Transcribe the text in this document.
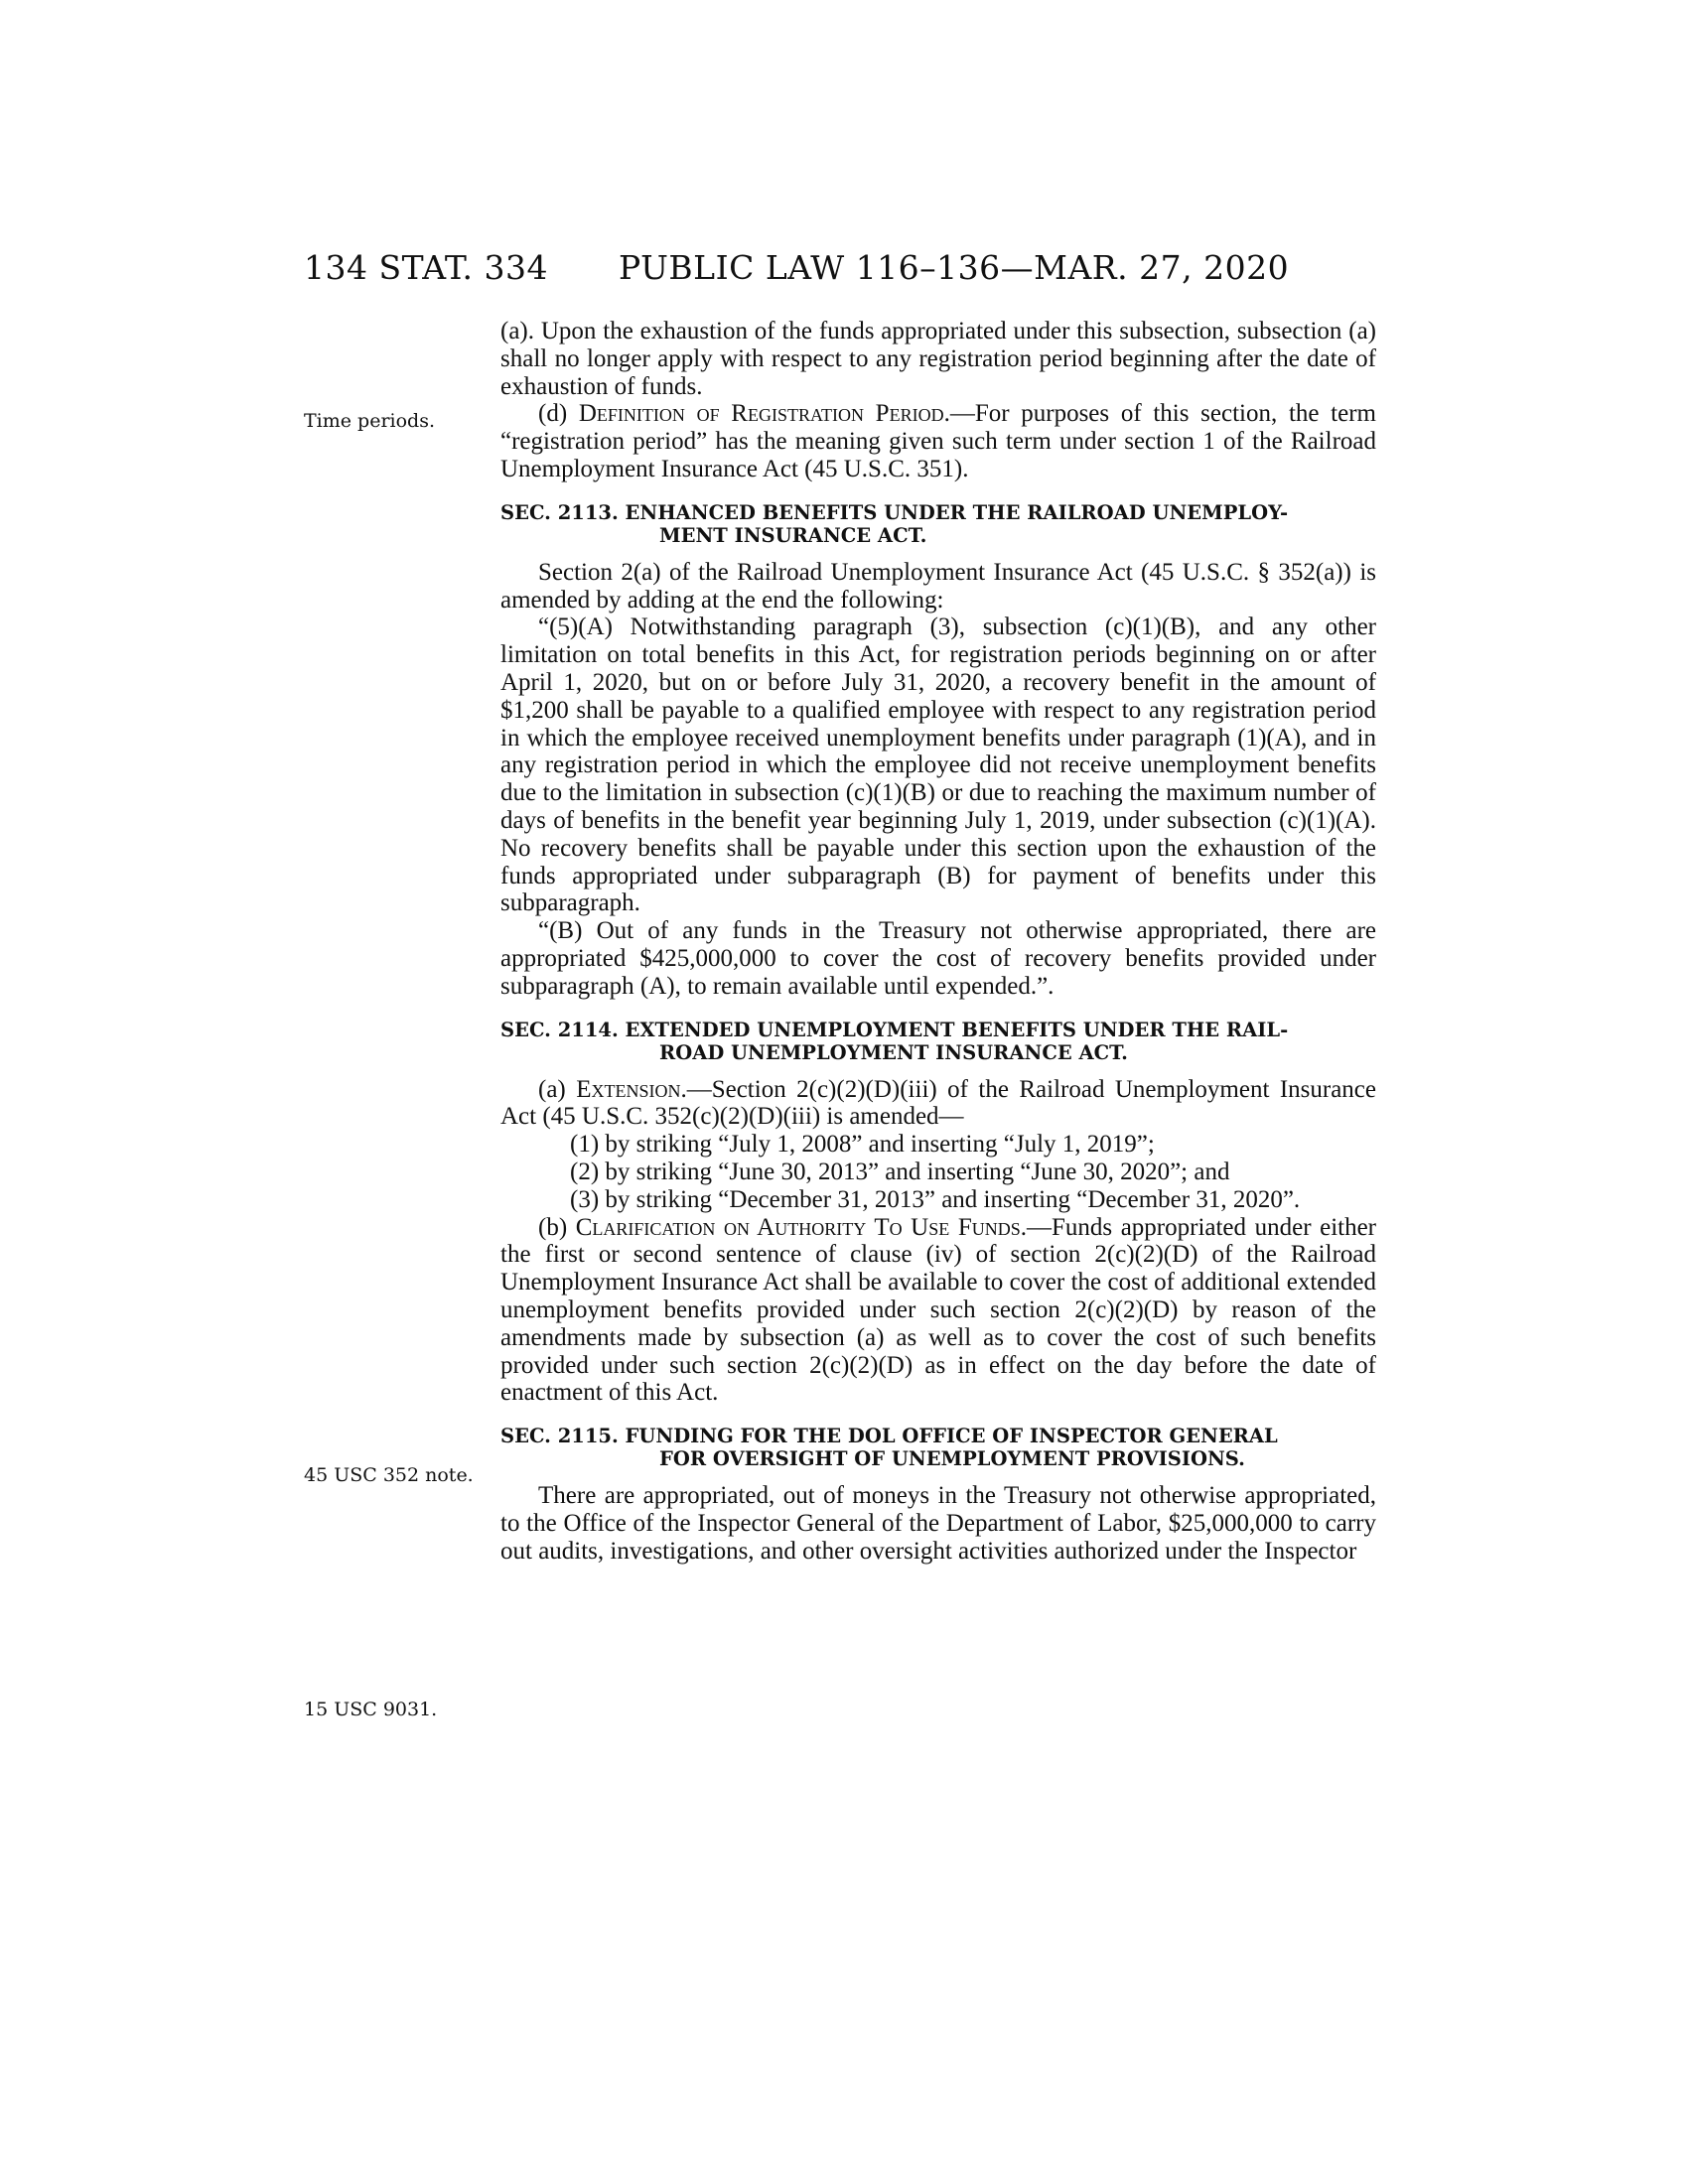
134 STAT. 334 PUBLIC LAW 116–136—MAR. 27, 2020
Time periods.
45 USC 352 note.
15 USC 9031.

(a). Upon the exhaustion of the funds appropriated under this subsection, subsection (a) shall no longer apply with respect to any registration period beginning after the date of exhaustion of funds.

(d) Definition of Registration Period.—For purposes of this section, the term “registration period” has the meaning given such term under section 1 of the Railroad Unemployment Insurance Act (45 U.S.C. 351).

SEC. 2113. ENHANCED BENEFITS UNDER THE RAILROAD UNEMPLOY-
MENT INSURANCE ACT.

Section 2(a) of the Railroad Unemployment Insurance Act (45 U.S.C. § 352(a)) is amended by adding at the end the following:

“(5)(A) Notwithstanding paragraph (3), subsection (c)(1)(B), and any other limitation on total benefits in this Act, for registration periods beginning on or after April 1, 2020, but on or before July 31, 2020, a recovery benefit in the amount of $1,200 shall be payable to a qualified employee with respect to any registration period in which the employee received unemployment benefits under paragraph (1)(A), and in any registration period in which the employee did not receive unemployment benefits due to the limitation in subsection (c)(1)(B) or due to reaching the maximum number of days of benefits in the benefit year beginning July 1, 2019, under subsection (c)(1)(A). No recovery benefits shall be payable under this section upon the exhaustion of the funds appropriated under subparagraph (B) for payment of benefits under this subparagraph.

“(B) Out of any funds in the Treasury not otherwise appropriated, there are appropriated $425,000,000 to cover the cost of recovery benefits provided under subparagraph (A), to remain available until expended.”.

SEC. 2114. EXTENDED UNEMPLOYMENT BENEFITS UNDER THE RAIL-
ROAD UNEMPLOYMENT INSURANCE ACT.

(a) Extension.—Section 2(c)(2)(D)(iii) of the Railroad Unemployment Insurance Act (45 U.S.C. 352(c)(2)(D)(iii) is amended—

(1) by striking “July 1, 2008” and inserting “July 1, 2019”;

(2) by striking “June 30, 2013” and inserting “June 30, 2020”; and

(3) by striking “December 31, 2013” and inserting “December 31, 2020”.

(b) Clarification on Authority To Use Funds.—Funds appropriated under either the first or second sentence of clause (iv) of section 2(c)(2)(D) of the Railroad Unemployment Insurance Act shall be available to cover the cost of additional extended unemployment benefits provided under such section 2(c)(2)(D) by reason of the amendments made by subsection (a) as well as to cover the cost of such benefits provided under such section 2(c)(2)(D) as in effect on the day before the date of enactment of this Act.

SEC. 2115. FUNDING FOR THE DOL OFFICE OF INSPECTOR GENERAL
FOR OVERSIGHT OF UNEMPLOYMENT PROVISIONS.

There are appropriated, out of moneys in the Treasury not otherwise appropriated, to the Office of the Inspector General of the Department of Labor, $25,000,000 to carry out audits, investigations, and other oversight activities authorized under the Inspector
